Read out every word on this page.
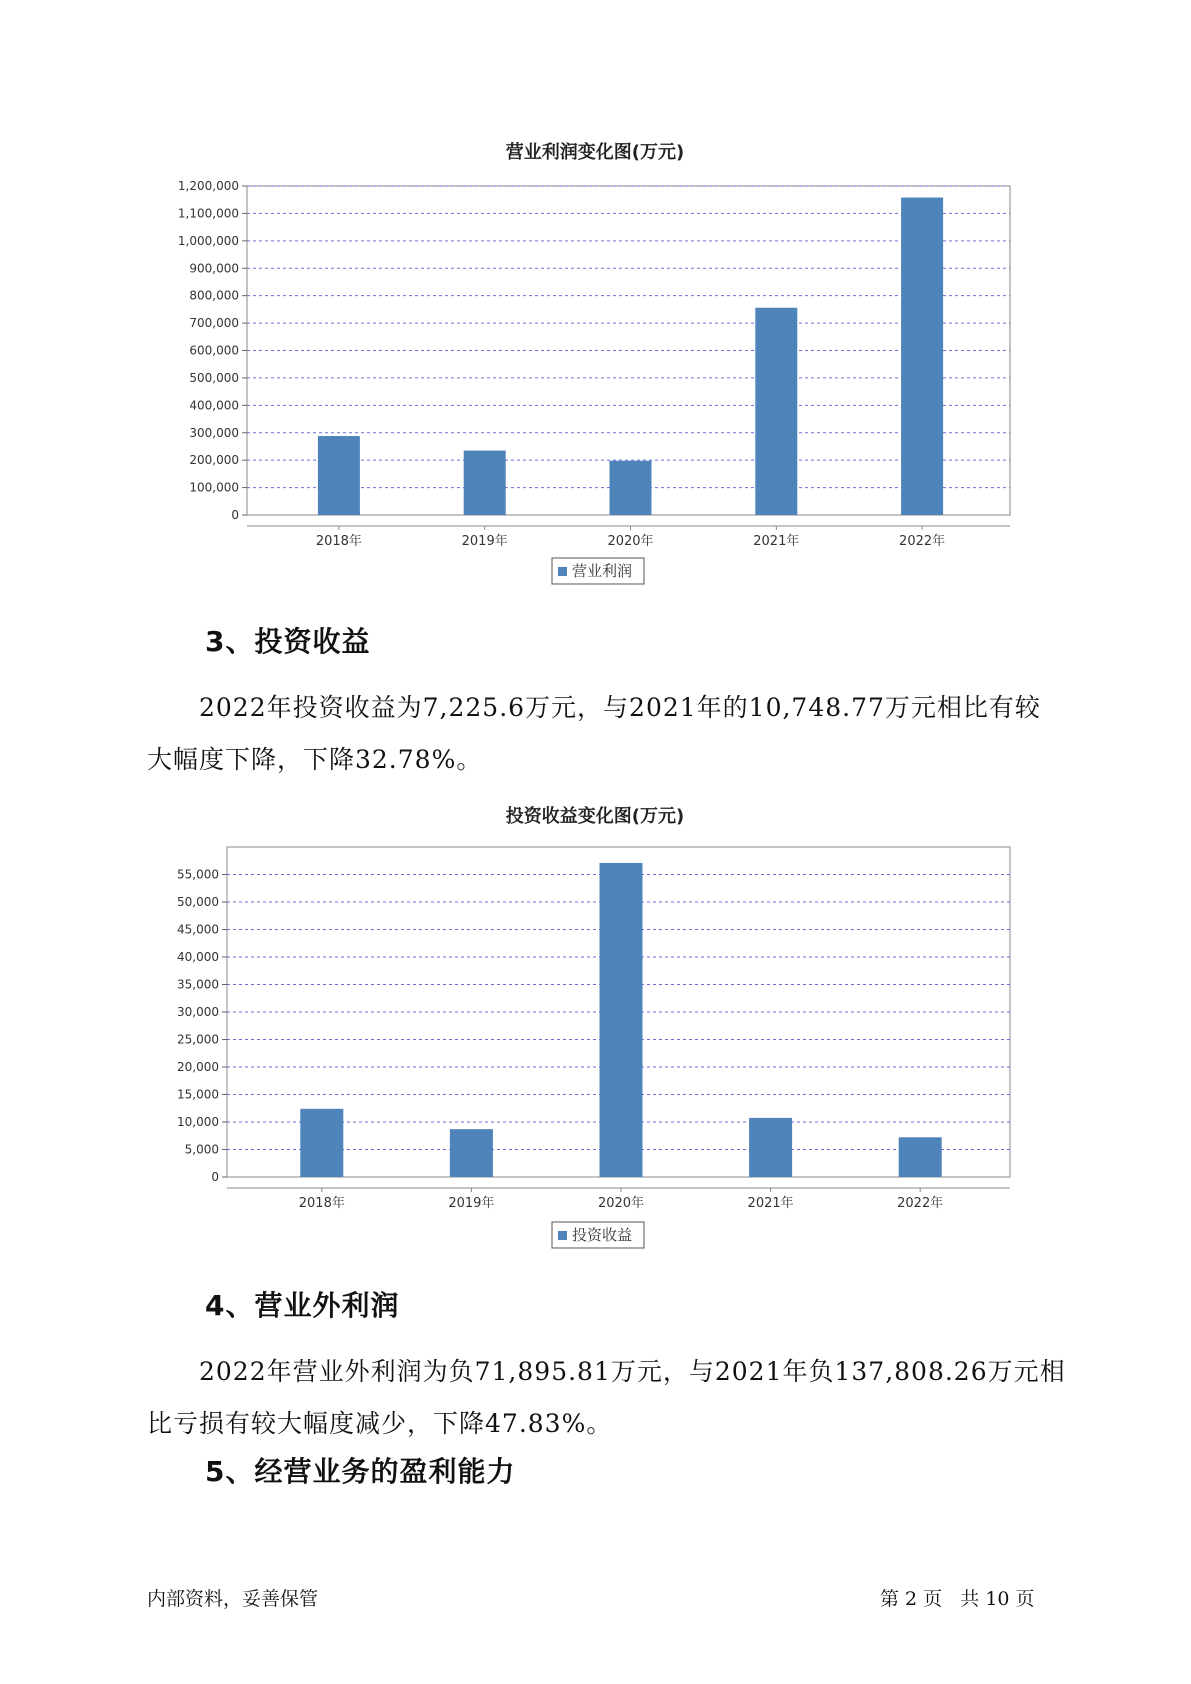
营业利润变化图(万元)
0
100,000
200,000
300,000
400,000
500,000
600,000
700,000
800,000
900,000
1,000,000
1,100,000
1,200,000
2018年	2019年	2020年	2021年	2022年
营业利润
3、投资收益
2022年投资收益为7,225.6万元，与2021年的10,748.77万元相比有较
大幅度下降，下降32.78%。
投资收益变化图(万元)
0
5,000
10,000
15,000
20,000
25,000
30,000
35,000
40,000
45,000
50,000
55,000
2018年	2019年	2020年	2021年	2022年
投资收益
4、营业外利润
2022年营业外利润为负71,895.81万元，与2021年负137,808.26万元相
比亏损有较大幅度减少，下降47.83%。
5、经营业务的盈利能力
内部资料，妥善保管	第 2 页   共 10 页
